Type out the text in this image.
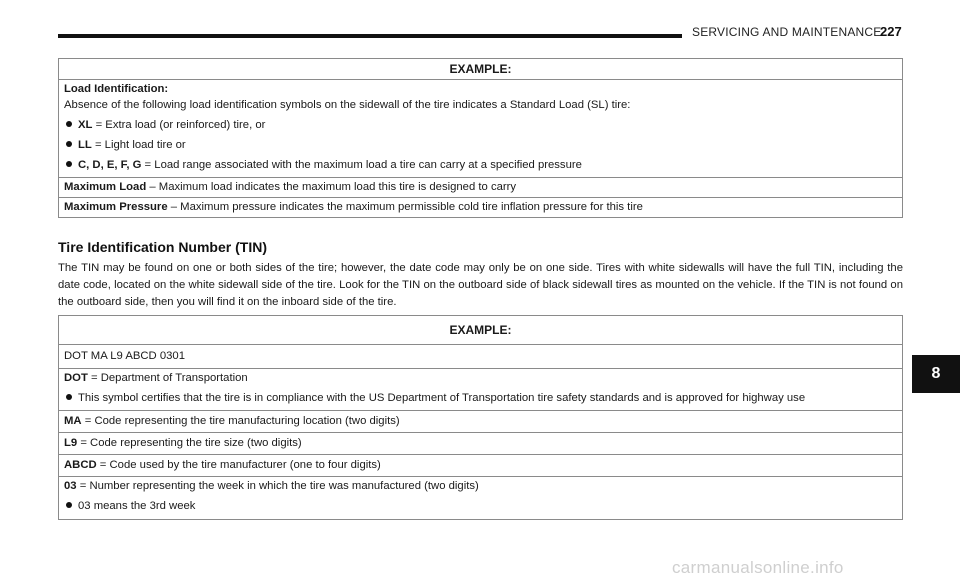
SERVICING AND MAINTENANCE
227
EXAMPLE:

Load Identification:
Absence of the following load identification symbols on the sidewall of the tire indicates a Standard Load (SL) tire:
XL = Extra load (or reinforced) tire, or
LL = Light load tire or
C, D, E, F, G = Load range associated with the maximum load a tire can carry at a specified pressure

Maximum Load – Maximum load indicates the maximum load this tire is designed to carry
Maximum Pressure – Maximum pressure indicates the maximum permissible cold tire inflation pressure for this tire
Tire Identification Number (TIN)
The TIN may be found on one or both sides of the tire; however, the date code may only be on one side. Tires with white sidewalls will have the full TIN, including the date code, located on the white sidewall side of the tire. Look for the TIN on the outboard side of black sidewall tires as mounted on the vehicle. If the TIN is not found on the outboard side, then you will find it on the inboard side of the tire.
EXAMPLE:
DOT MA L9 ABCD 0301

DOT = Department of Transportation
This symbol certifies that the tire is in compliance with the US Department of Transportation tire safety standards and is approved for highway use

MA = Code representing the tire manufacturing location (two digits)
L9 = Code representing the tire size (two digits)
ABCD = Code used by the tire manufacturer (one to four digits)

03 = Number representing the week in which the tire was manufactured (two digits)
03 means the 3rd week
8
carmanualsonline.info
